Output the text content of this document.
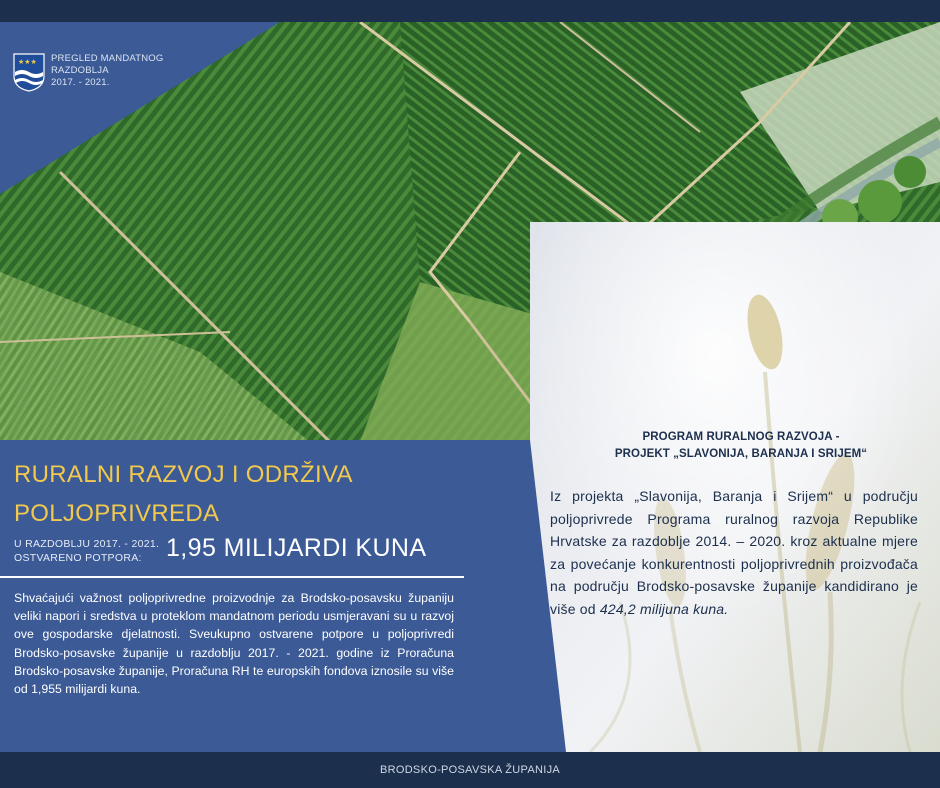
★★★ PREGLED MANDATNOG
RAZDOBLJA
2017. - 2021.
RURALNI RAZVOJ I ODRŽIVA
POLJOPRIVREDA
U RAZDOBLJU 2017. - 2021.
OSTVARENO POTPORA: 1,95 MILIJARDI KUNA
Shvaćajući važnost poljoprivredne proizvodnje za Brodsko-posavsku županiju veliki napori i sredstva u proteklom mandatnom periodu usmjeravani su u razvoj ove gospodarske djelatnosti. Sveukupno ostvarene potpore u poljoprivredi Brodsko-posavske županije u razdoblju 2017. - 2021. godine iz Proračuna Brodsko-posavske županije, Proračuna RH te europskih fondova iznosile su više od 1,955 milijardi kuna.
PROGRAM RURALNOG RAZVOJA -
PROJEKT „SLAVONIJA, BARANJA I SRIJEM“
Iz projekta „Slavonija, Baranja i Srijem“ u području poljoprivrede Programa ruralnog razvoja Republike Hrvatske za razdoblje 2014. – 2020. kroz aktualne mjere za povećanje konkurentnosti poljoprivrednih proizvođača na području Brodsko-posavske županije kandidirano je više od 424,2 milijuna kuna.
BRODSKO-POSAVSKA ŽUPANIJA
